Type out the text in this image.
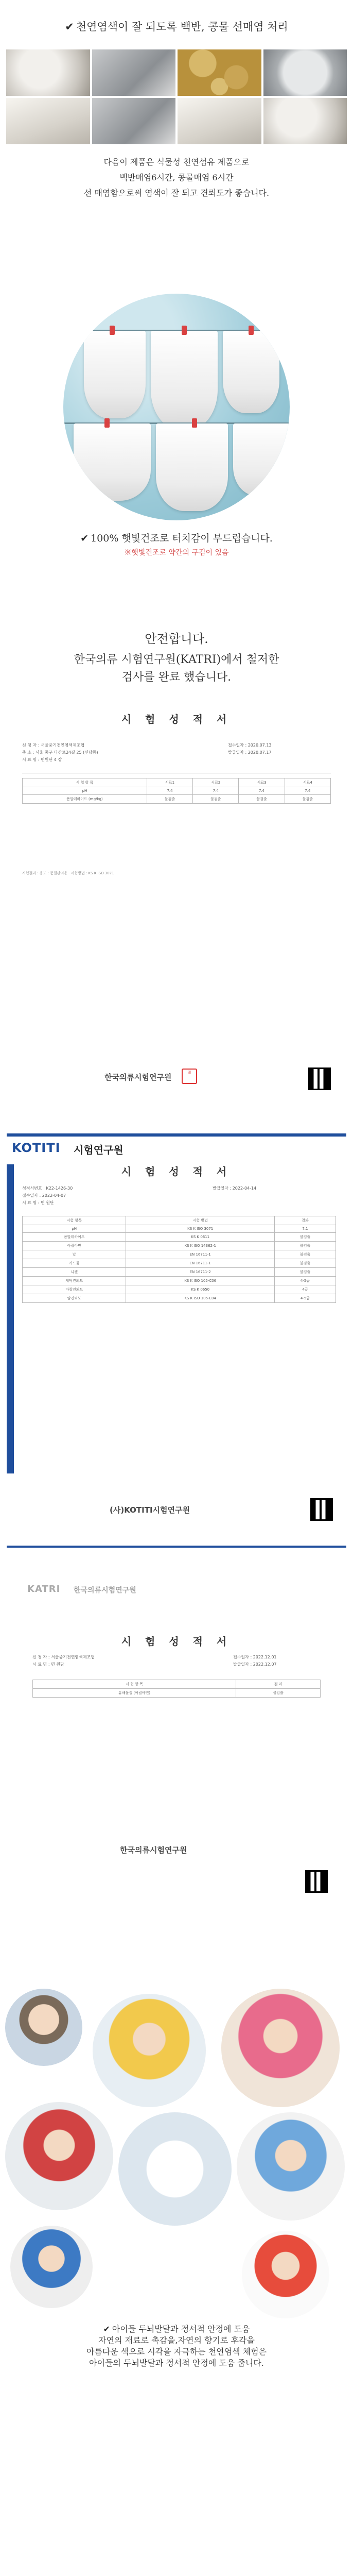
✔ 천연염색이 잘 되도록 백반, 콩물 선매염 처리
다음이 제품은 식물성 천연섬유 제품으로
백반매염6시간, 콩물매염 6시간
선 매염함으로써 염색이 잘 되고 견뢰도가 좋습니다.
✔ 100% 햇빛건조로 터치감이 부드럽습니다.
※햇빛건조로 약간의 구김이 있음
안전합니다.
한국의류 시험연구원(KATRI)에서 철저한
검사를 완료 했습니다.
시 험 성 적 서
신 청 자 : 서울중기천연염색제조협
주 소 : 서울 중구 다산로24길 25 (신당동)
시 료 명 : 면원단 4 장
접수일자 : 2020.07.13
발급일자 : 2020.07.17
시 험 항 목	시료1	시료2	시료3	시료4
pH	7.4	7.4	7.4	7.4
폼알데하이드 (mg/kg)	불검출	불검출	불검출	불검출
시험결과 : 용도 : 품질관리용 · 시험방법 : KS K ISO 3071
한국의류시험연구원	印
KOTITI 시험연구원
시 험 성 적 서
성적서번호 : K22-1426-30
접수일자 : 2022-04-07
시 료 명 : 면 원단
발급일자 : 2022-04-14
시험 항목	시험 방법	결과
pH	KS K ISO 3071	7.1
폼알데하이드	KS K 0611	불검출
아릴아민	KS K ISO 14362-1	불검출
납	EN 16711-1	불검출
카드뮴	EN 16711-1	불검출
니켈	EN 16711-2	불검출
세탁견뢰도	KS K ISO 105-C06	4-5급
마찰견뢰도	KS K 0650	4급
땀견뢰도	KS K ISO 105-E04	4-5급
(사)KOTITI시험연구원
KATRI 한국의류시험연구원
시 험 성 적 서
신 청 자 : 서울중기천연염색제조협
시 료 명 : 면 원단
접수일자 : 2022.12.01
발급일자 : 2022.12.07
시 험 항 목	결 과
유해물질 (아릴아민)	불검출
한국의류시험연구원
✔ 아이들 두뇌발달과 정서적 안정에 도움
자연의 재료로 촉감을,자연의 향기로 후각을
아름다운 색으로 시각을 자극하는 천연염색 체험은
아이들의 두뇌발달과 정서적 안정에 도움 줍니다.
